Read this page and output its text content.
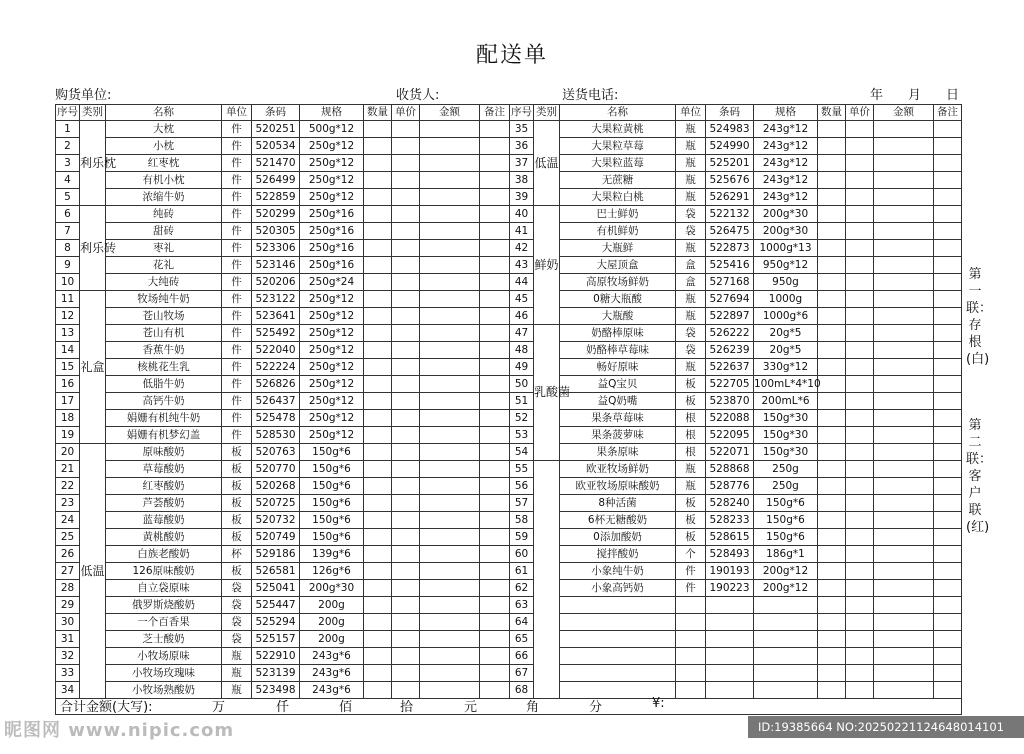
配送单
购货单位:	收货人:	送货电话:	年 月 日
序号	类别	名称	单位	条码	规格	数量	单价	金额	备注	序号	类别	名称	单位	条码	规格	数量	单价	金额	备注
1	利乐枕	大枕	件	520251	500g*12					35	低温	大果粒黄桃	瓶	524983	243g*12				
2		小枕	件	520534	250g*12					36		大果粒草莓	瓶	524990	243g*12				
3		红枣枕	件	521470	250g*12					37		大果粒蓝莓	瓶	525201	243g*12				
4		有机小枕	件	526499	250g*12					38		无蔗糖	瓶	525676	243g*12				
5		浓缩牛奶	件	522859	250g*12					39		大果粒白桃	瓶	526291	243g*12				
6	利乐砖	纯砖	件	520299	250g*16					40	鲜奶	巴士鲜奶	袋	522132	200g*30				
7		甜砖	件	520305	250g*16					41		有机鲜奶	袋	526475	200g*30				
8		枣礼	件	523306	250g*16					42		大瓶鲜	瓶	522873	1000g*13				
9		花礼	件	523146	250g*16					43		大屋顶盒	盒	525416	950g*12				
10		大纯砖	件	520206	250g*24					44		高原牧场鲜奶	盒	527168	950g				
11	礼盒	牧场纯牛奶	件	523122	250g*12					45		0糖大瓶酸	瓶	527694	1000g				
12		苍山牧场	件	523641	250g*12					46		大瓶酸	瓶	522897	1000g*6				
13		苍山有机	件	525492	250g*12					47	乳酸菌	奶酪棒原味	袋	526222	20g*5				
14		香蕉牛奶	件	522040	250g*12					48		奶酪棒草莓味	袋	526239	20g*5				
15		核桃花生乳	件	522224	250g*12					49		畅好原味	瓶	522637	330g*12				
16		低脂牛奶	件	526826	250g*12					50		益Q宝贝	板	522705	100mL*4*10				
17		高钙牛奶	件	526437	250g*12					51		益Q奶嘴	板	523870	200mL*6				
18		娟姗有机纯牛奶	件	525478	250g*12					52		果条草莓味	根	522088	150g*30				
19		娟姗有机梦幻盖	件	528530	250g*12					53		果条菠萝味	根	522095	150g*30				
20	低温	原味酸奶	板	520763	150g*6					54		果条原味	根	522071	150g*30				
21		草莓酸奶	板	520770	150g*6					55		欧亚牧场鲜奶	瓶	528868	250g				
22		红枣酸奶	板	520268	150g*6					56		欧亚牧场原味酸奶	瓶	528776	250g				
23		芦荟酸奶	板	520725	150g*6					57		8种活菌	板	528240	150g*6				
24		蓝莓酸奶	板	520732	150g*6					58		6杯无糖酸奶	板	528233	150g*6				
25		黄桃酸奶	板	520749	150g*6					59		0添加酸奶	板	528615	150g*6				
26		白族老酸奶	杯	529186	139g*6					60		搅拌酸奶	个	528493	186g*1				
27		126原味酸奶	板	526581	126g*6					61		小象纯牛奶	件	190193	200g*12				
28		自立袋原味	袋	525041	200g*30					62		小象高钙奶	件	190223	200g*12				
29		俄罗斯烧酸奶	袋	525447	200g					63									
30		一个百香果	袋	525294	200g					64									
31		芝士酸奶	袋	525157	200g					65									
32		小牧场原味	瓶	522910	243g*6					66									
33		小牧场玫瑰味	瓶	523139	243g*6					67									
34		小牧场熟酸奶	瓶	523498	243g*6					68									
第一联：存根(白)
第二联：客户联(红)
合计金额(大写):	万	仟	佰	拾	元	角	分	¥:
昵图网 www.nipic.com	ID:19385664 NO:20250221124648014101
